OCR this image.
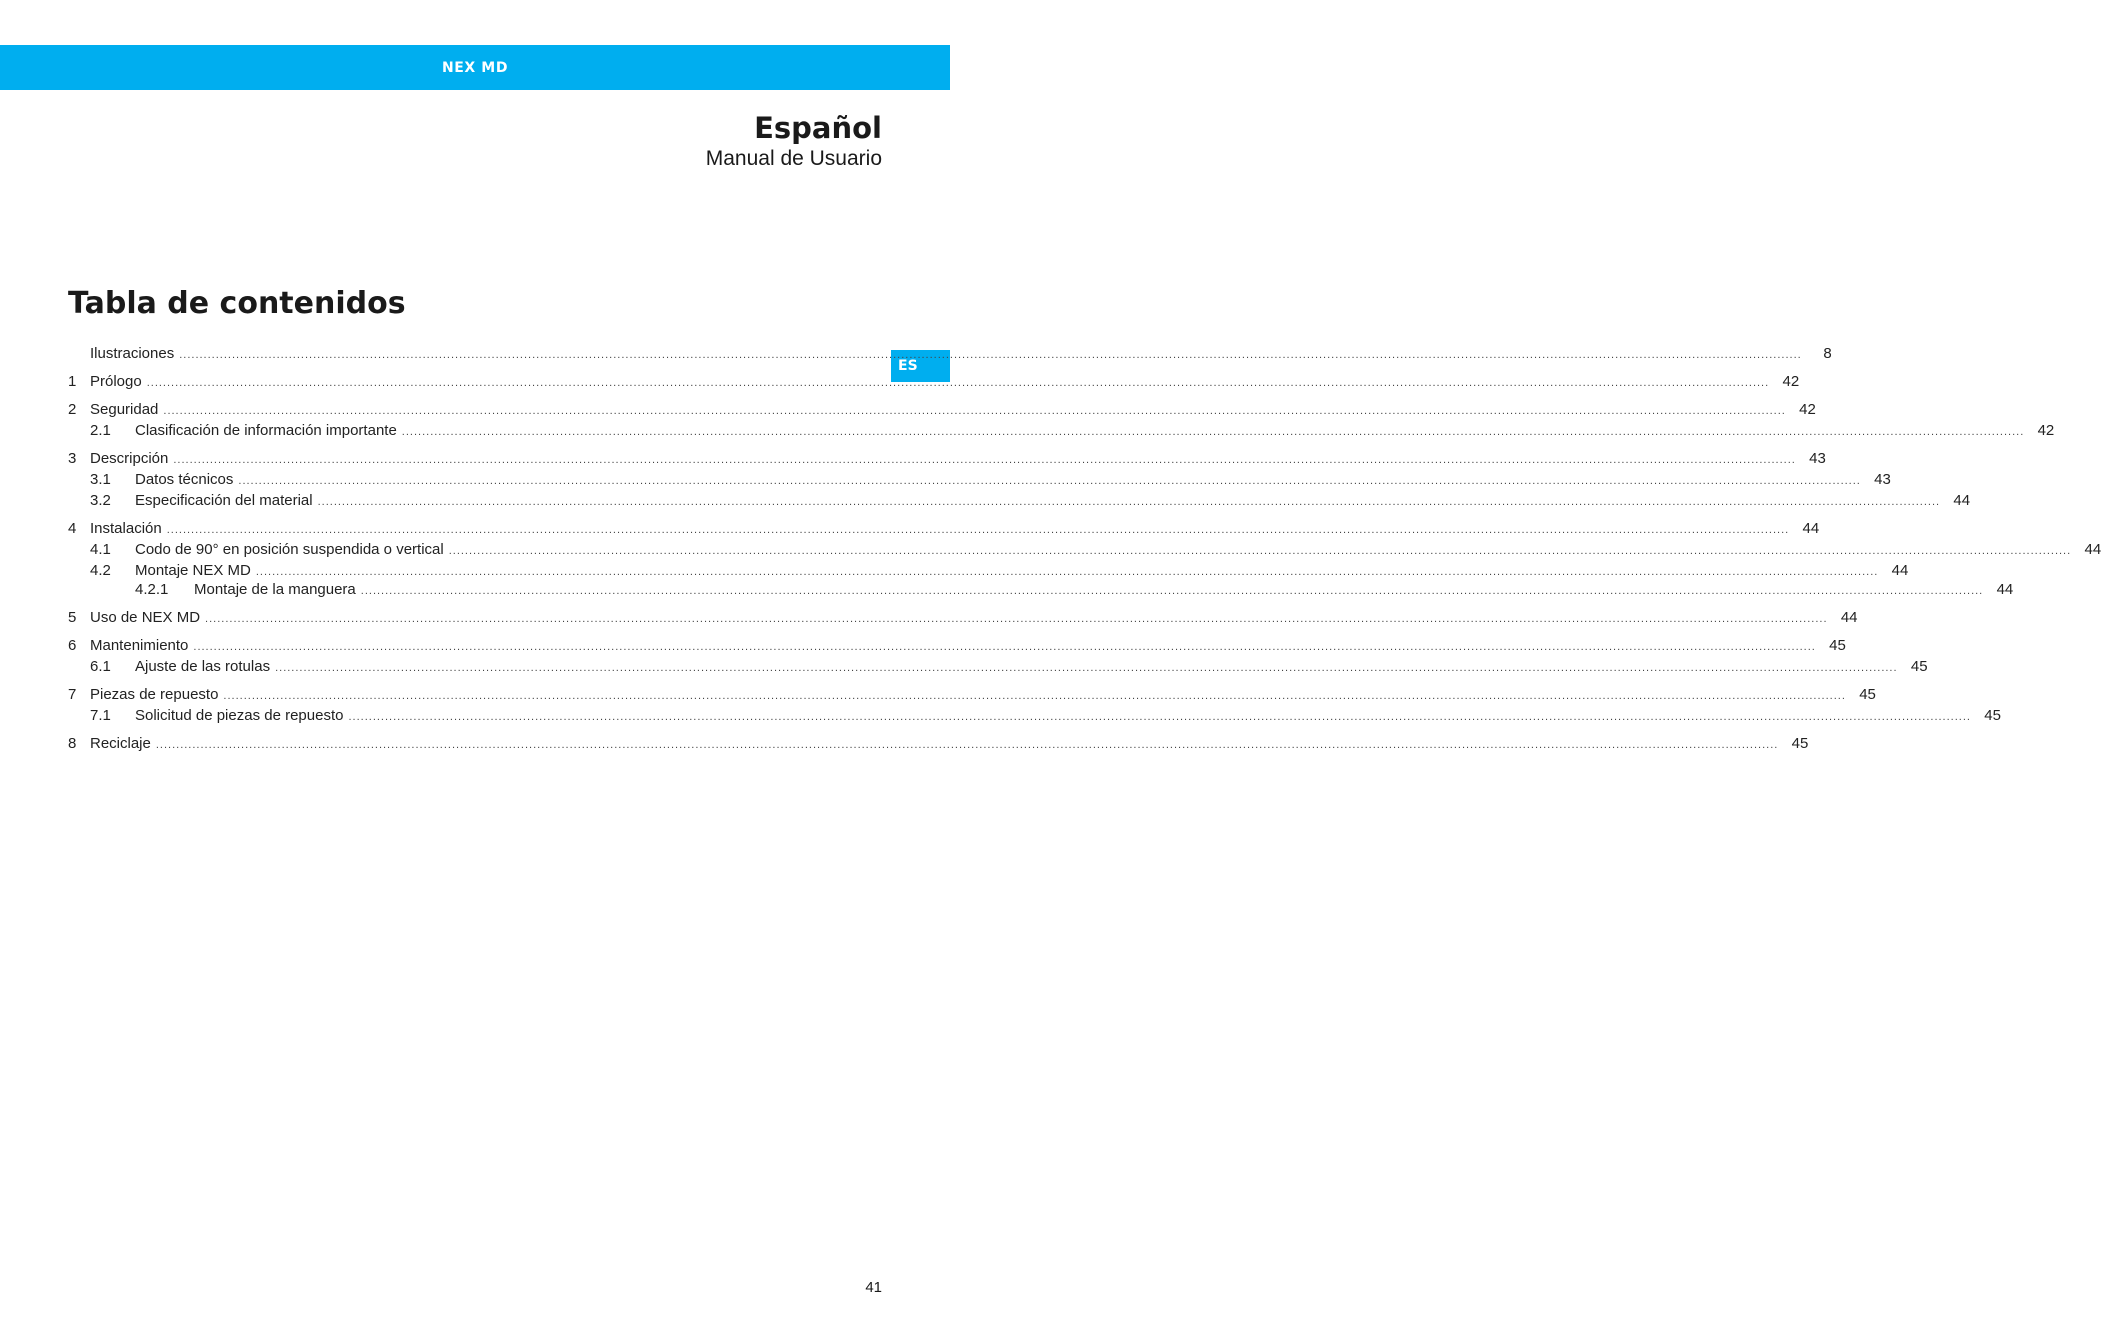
NEX MD
Español
Manual de Usuario
Tabla de contenidos
ES
Ilustraciones ................................................................................................................................................................................................................................................................................................................................................................................................................	8
1 Prólogo ................................................................................................................................................................................................................................................................................................................................................................................................................ 42
2 Seguridad ................................................................................................................................................................................................................................................................................................................................................................................................................ 42
2.1	Clasificación de información importante ................................................................................................................................................................................................................................................................................................................................................................................................................ 42
3 Descripción ................................................................................................................................................................................................................................................................................................................................................................................................................ 43
3.1	Datos técnicos ................................................................................................................................................................................................................................................................................................................................................................................................................ 43
3.2	Especificación del material ................................................................................................................................................................................................................................................................................................................................................................................................................ 44
4 Instalación ................................................................................................................................................................................................................................................................................................................................................................................................................ 44
4.1	Codo de 90° en posición suspendida o vertical ................................................................................................................................................................................................................................................................................................................................................................................................................ 44
4.2	Montaje NEX MD ................................................................................................................................................................................................................................................................................................................................................................................................................ 44
4.2.1	Montaje de la manguera ................................................................................................................................................................................................................................................................................................................................................................................................................ 44
5 Uso de NEX MD ................................................................................................................................................................................................................................................................................................................................................................................................................ 44
6 Mantenimiento ................................................................................................................................................................................................................................................................................................................................................................................................................ 45
6.1	Ajuste de las rotulas ................................................................................................................................................................................................................................................................................................................................................................................................................ 45
7 Piezas de repuesto ................................................................................................................................................................................................................................................................................................................................................................................................................ 45
7.1	Solicitud de piezas de repuesto ................................................................................................................................................................................................................................................................................................................................................................................................................ 45
8 Reciclaje ................................................................................................................................................................................................................................................................................................................................................................................................................ 45
41
